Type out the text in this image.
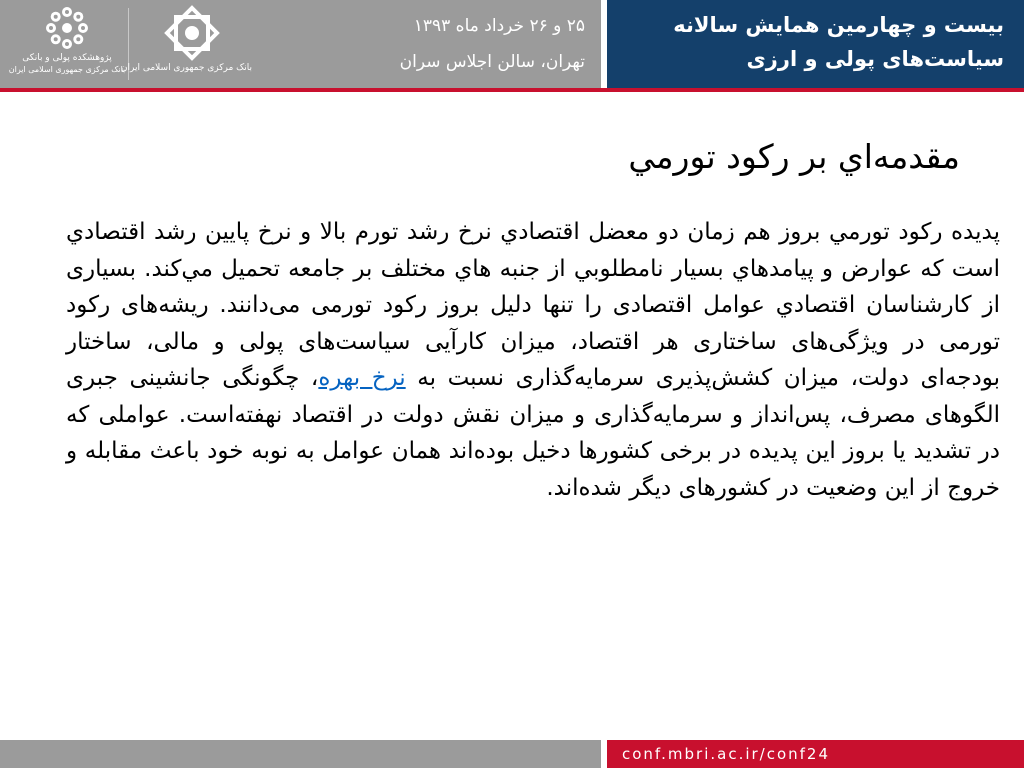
پژوهشکده پولی و بانکی
بانک مرکزی جمهوری اسلامی ایران
بانک مرکزی جمهوری اسلامی ایران
۲۵ و ۲۶ خرداد ماه ۱۳۹۳
تهران، سالن اجلاس سران
بیست و چهارمین همایش سالانه
سیاست‌های پولی و ارزی
مقدمه‌اي بر رکود تورمي
پديده رکود تورمي بروز هم زمان دو معضل اقتصادي نرخ رشد تورم بالا و نرخ پايين رشد اقتصادي است که عوارض و پيامدهاي بسيار نامطلوبي از جنبه هاي مختلف بر جامعه تحميل مي‌کند. بسیاری از کارشناسان اقتصادي عوامل اقتصادی را تنها دلیل بروز رکود تورمی می‌دانند. ریشه‌های رکود تورمی در ویژگی‌های ساختاری هر اقتصاد، میزان کارآیی سیاست‌های پولی و مالی، ساختار بودجه‌ای دولت، میزان کشش‌پذیری سرمایه‌گذاری نسبت به نرخ بهره، چگونگی جانشینی جبری الگوهای مصرف، پس‌انداز و سرمایه‌گذاری و میزان نقش دولت در اقتصاد نهفته‌است. عواملی که در تشدید یا بروز این پدیده در برخی کشورها دخیل بوده‌اند همان عوامل به نوبه خود باعث مقابله و خروج از این وضعیت در کشورهای دیگر شده‌اند.
conf.mbri.ac.ir/conf24
